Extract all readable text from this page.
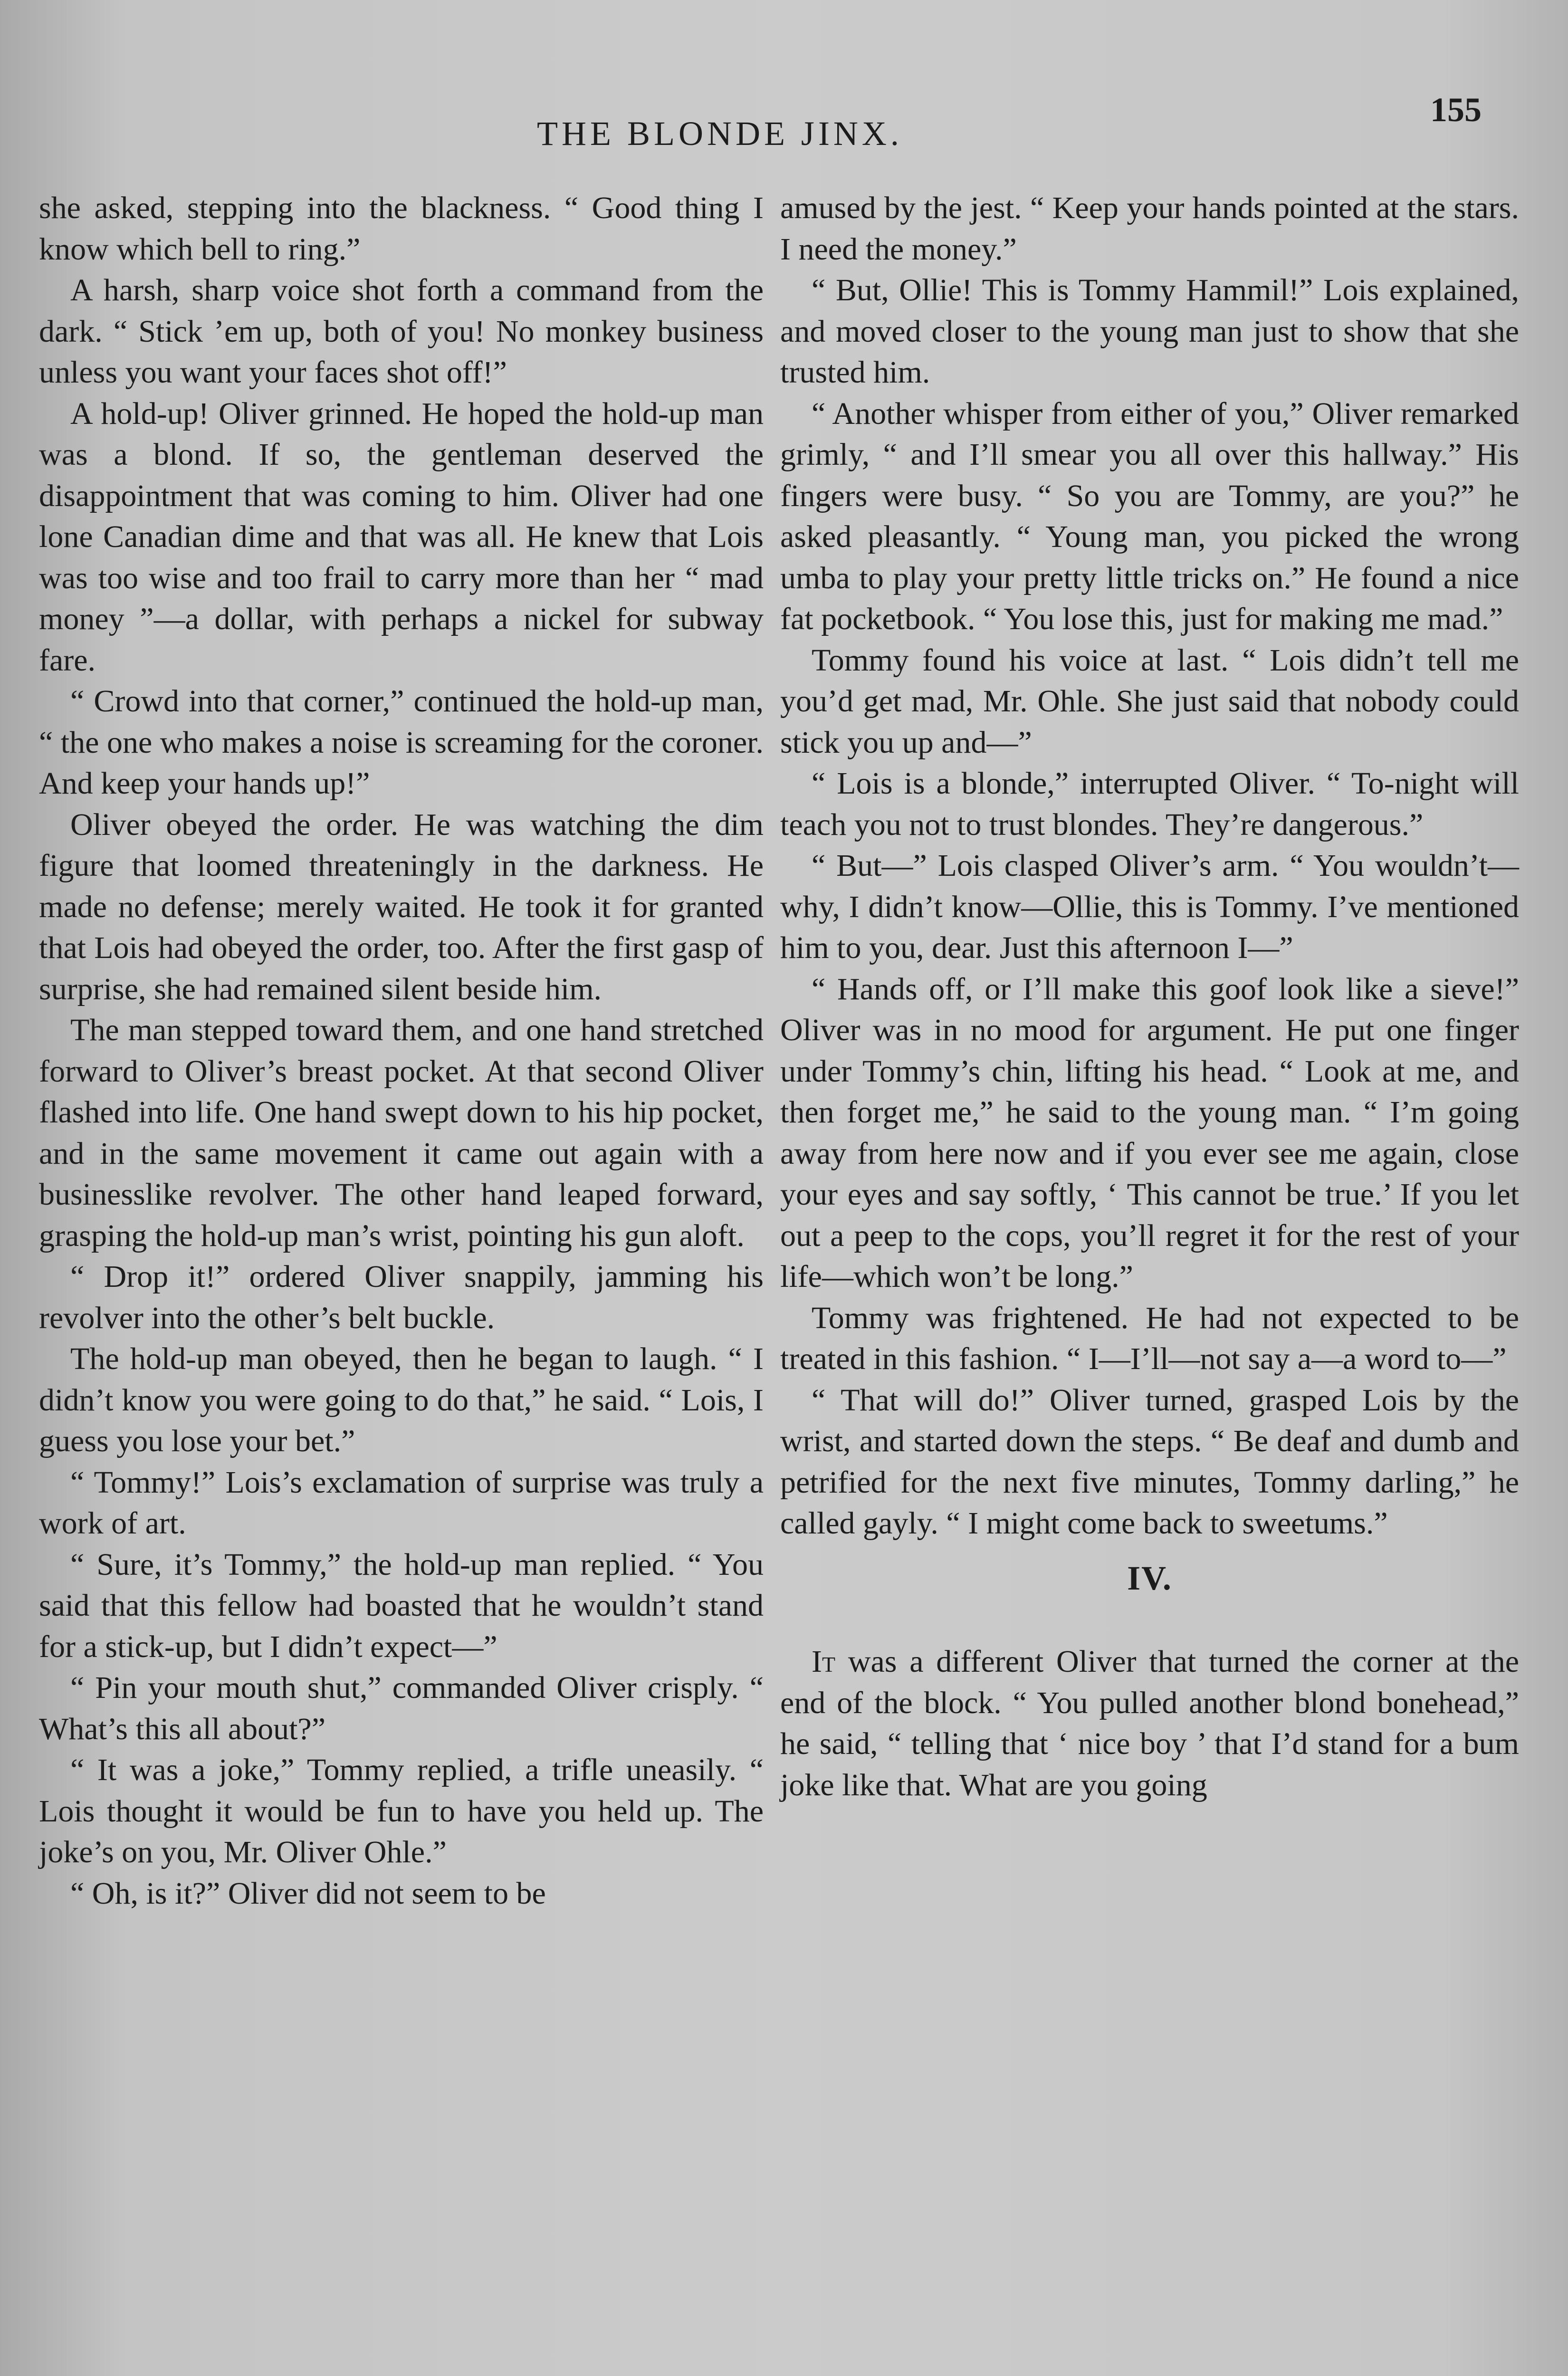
THE BLONDE JINX.
155

she asked, stepping into the blackness. “ Good thing I know which bell to ring.”

A harsh, sharp voice shot forth a command from the dark. “ Stick ’em up, both of you! No monkey business unless you want your faces shot off!”

A hold-up! Oliver grinned. He hoped the hold-up man was a blond. If so, the gentleman deserved the disappointment that was coming to him. Oliver had one lone Canadian dime and that was all. He knew that Lois was too wise and too frail to carry more than her “ mad money ”—a dollar, with perhaps a nickel for subway fare.

“ Crowd into that corner,” continued the hold-up man, “ the one who makes a noise is screaming for the coroner. And keep your hands up!”

Oliver obeyed the order. He was watching the dim figure that loomed threateningly in the darkness. He made no defense; merely waited. He took it for granted that Lois had obeyed the order, too. After the first gasp of surprise, she had remained silent beside him.

The man stepped toward them, and one hand stretched forward to Oliver’s breast pocket. At that second Oliver flashed into life. One hand swept down to his hip pocket, and in the same movement it came out again with a businesslike revolver. The other hand leaped forward, grasping the hold-up man’s wrist, pointing his gun aloft.

“ Drop it!” ordered Oliver snappily, jamming his revolver into the other’s belt buckle.

The hold-up man obeyed, then he began to laugh. “ I didn’t know you were going to do that,” he said. “ Lois, I guess you lose your bet.”

“ Tommy!” Lois’s exclamation of surprise was truly a work of art.

“ Sure, it’s Tommy,” the hold-up man replied. “ You said that this fellow had boasted that he wouldn’t stand for a stick-up, but I didn’t expect—”

“ Pin your mouth shut,” commanded Oliver crisply. “ What’s this all about?”

“ It was a joke,” Tommy replied, a trifle uneasily. “ Lois thought it would be fun to have you held up. The joke’s on you, Mr. Oliver Ohle.”

“ Oh, is it?” Oliver did not seem to be

amused by the jest. “ Keep your hands pointed at the stars. I need the money.”

“ But, Ollie! This is Tommy Hammil!” Lois explained, and moved closer to the young man just to show that she trusted him.

“ Another whisper from either of you,” Oliver remarked grimly, “ and I’ll smear you all over this hallway.” His fingers were busy. “ So you are Tommy, are you?” he asked pleasantly. “ Young man, you picked the wrong umba to play your pretty little tricks on.” He found a nice fat pocketbook. “ You lose this, just for making me mad.”

Tommy found his voice at last. “ Lois didn’t tell me you’d get mad, Mr. Ohle. She just said that nobody could stick you up and—”

“ Lois is a blonde,” interrupted Oliver. “ To-night will teach you not to trust blondes. They’re dangerous.”

“ But—” Lois clasped Oliver’s arm. “ You wouldn’t—why, I didn’t know—Ollie, this is Tommy. I’ve mentioned him to you, dear. Just this afternoon I—”

“ Hands off, or I’ll make this goof look like a sieve!” Oliver was in no mood for argument. He put one finger under Tommy’s chin, lifting his head. “ Look at me, and then forget me,” he said to the young man. “ I’m going away from here now and if you ever see me again, close your eyes and say softly, ‘ This cannot be true.’ If you let out a peep to the cops, you’ll regret it for the rest of your life—which won’t be long.”

Tommy was frightened. He had not expected to be treated in this fashion. “ I—I’ll—not say a—a word to—”

“ That will do!” Oliver turned, grasped Lois by the wrist, and started down the steps. “ Be deaf and dumb and petrified for the next five minutes, Tommy darling,” he called gayly. “ I might come back to sweetums.”

IV.

It was a different Oliver that turned the corner at the end of the block. “ You pulled another blond bonehead,” he said, “ telling that ‘ nice boy ’ that I’d stand for a bum joke like that. What are you going
